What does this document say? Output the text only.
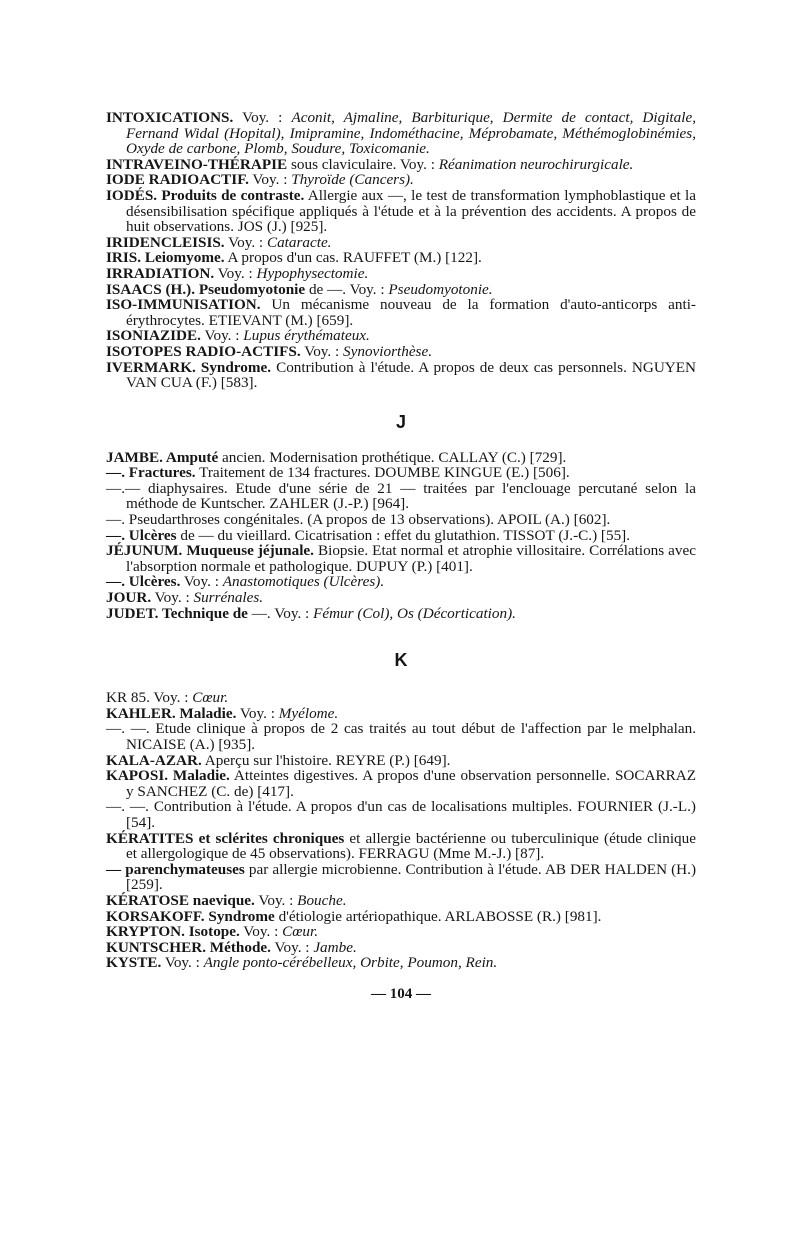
INTOXICATIONS. Voy. : Aconit, Ajmaline, Barbiturique, Dermite de contact, Digitale, Fernand Widal (Hopital), Imipramine, Indométhacine, Méprobamate, Méthémoglobinémies, Oxyde de carbone, Plomb, Soudure, Toxicomanie.

INTRAVEINO-THÉRAPIE sous claviculaire. Voy. : Réanimation neurochirurgicale.

IODE RADIOACTIF. Voy. : Thyroïde (Cancers).

IODÉS. Produits de contraste. Allergie aux —, le test de transformation lymphoblastique et la désensibilisation spécifique appliqués à l'étude et à la prévention des accidents. A propos de huit observations. JOS (J.) [925].

IRIDENCLEISIS. Voy. : Cataracte.

IRIS. Leiomyome. A propos d'un cas. RAUFFET (M.) [122].

IRRADIATION. Voy. : Hypophysectomie.

ISAACS (H.). Pseudomyotonie de —. Voy. : Pseudomyotonie.

ISO-IMMUNISATION. Un mécanisme nouveau de la formation d'auto-anticorps anti-érythrocytes. ETIEVANT (M.) [659].

ISONIAZIDE. Voy. : Lupus érythémateux.

ISOTOPES RADIO-ACTIFS. Voy. : Synoviorthèse.

IVERMARK. Syndrome. Contribution à l'étude. A propos de deux cas personnels. NGUYEN VAN CUA (F.) [583].

J

JAMBE. Amputé ancien. Modernisation prothétique. CALLAY (C.) [729].

—. Fractures. Traitement de 134 fractures. DOUMBE KINGUE (E.) [506].

—.— diaphysaires. Etude d'une série de 21 — traitées par l'enclouage percutané selon la méthode de Kuntscher. ZAHLER (J.-P.) [964].

—. Pseudarthroses congénitales. (A propos de 13 observations). APOIL (A.) [602].

—. Ulcères de — du vieillard. Cicatrisation : effet du glutathion. TISSOT (J.-C.) [55].

JÉJUNUM. Muqueuse jéjunale. Biopsie. Etat normal et atrophie villositaire. Corrélations avec l'absorption normale et pathologique. DUPUY (P.) [401].

—. Ulcères. Voy. : Anastomotiques (Ulcères).

JOUR. Voy. : Surrénales.

JUDET. Technique de —. Voy. : Fémur (Col), Os (Décortication).

K

KR 85. Voy. : Cœur.

KAHLER. Maladie. Voy. : Myélome.

—. —. Etude clinique à propos de 2 cas traités au tout début de l'affection par le melphalan. NICAISE (A.) [935].

KALA-AZAR. Aperçu sur l'histoire. REYRE (P.) [649].

KAPOSI. Maladie. Atteintes digestives. A propos d'une observation personnelle. SOCARRAZ y SANCHEZ (C. de) [417].

—. —. Contribution à l'étude. A propos d'un cas de localisations multiples. FOURNIER (J.-L.) [54].

KÉRATITES et sclérites chroniques et allergie bactérienne ou tuberculinique (étude clinique et allergologique de 45 observations). FERRAGU (Mme M.-J.) [87].

— parenchymateuses par allergie microbienne. Contribution à l'étude. AB DER HALDEN (H.) [259].

KÉRATOSE naevique. Voy. : Bouche.

KORSAKOFF. Syndrome d'étiologie artériopathique. ARLABOSSE (R.) [981].

KRYPTON. Isotope. Voy. : Cœur.

KUNTSCHER. Méthode. Voy. : Jambe.

KYSTE. Voy. : Angle ponto-cérébelleux, Orbite, Poumon, Rein.

— 104 —
